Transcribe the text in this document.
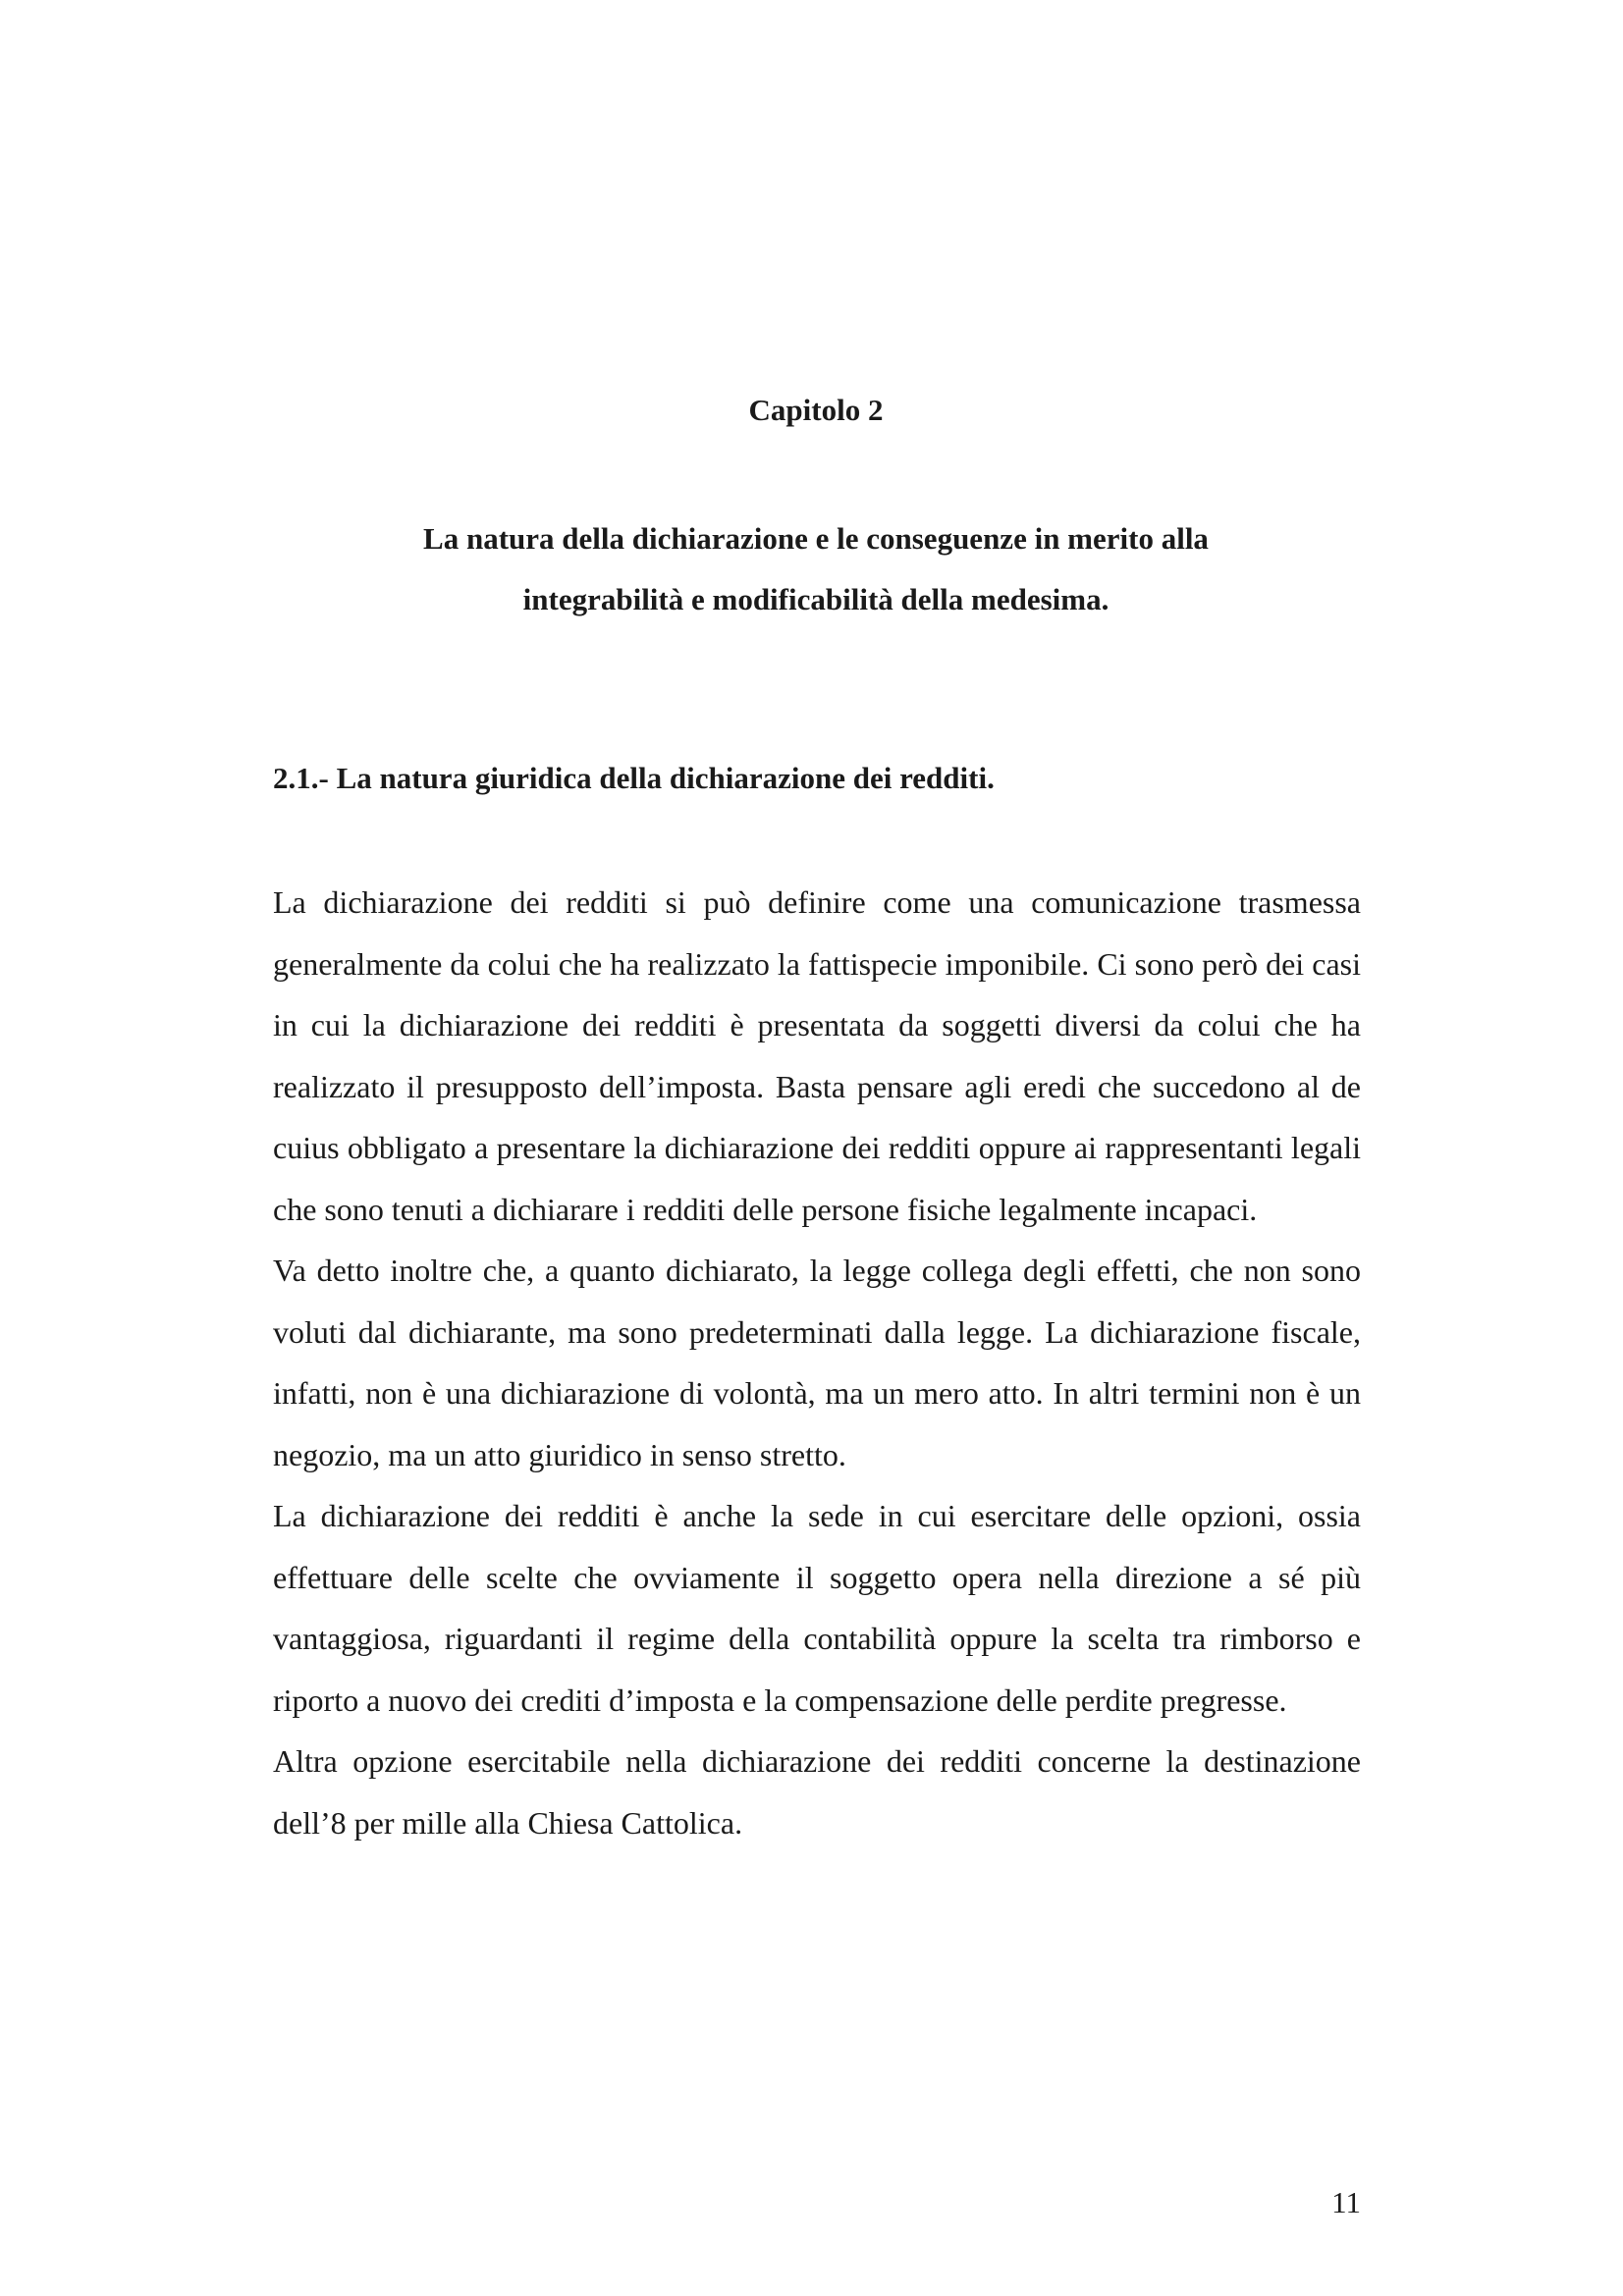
Capitolo 2
La natura della dichiarazione e le conseguenze in merito alla
integrabilità e modificabilità della medesima.
2.1.- La natura giuridica della dichiarazione dei redditi.

La dichiarazione dei redditi si può definire come una comunicazione trasmessa generalmente da colui che ha realizzato la fattispecie imponibile. Ci sono però dei casi in cui la dichiarazione dei redditi è presentata da soggetti diversi da colui che ha realizzato il presupposto dell’imposta. Basta pensare agli eredi che succedono al de cuius obbligato a presentare la dichiarazione dei redditi oppure ai rappresentanti legali che sono tenuti a dichiarare i redditi delle persone fisiche legalmente incapaci.

Va detto inoltre che, a quanto dichiarato, la legge collega degli effetti, che non sono voluti dal dichiarante, ma sono predeterminati dalla legge. La dichiarazione fiscale, infatti, non è una dichiarazione di volontà, ma un mero atto. In altri termini non è un negozio, ma un atto giuridico in senso stretto.

La dichiarazione dei redditi è anche la sede in cui esercitare delle opzioni, ossia effettuare delle scelte che ovviamente il soggetto opera nella direzione a sé più vantaggiosa, riguardanti il regime della contabilità oppure la scelta tra rimborso e riporto a nuovo dei crediti d’imposta e la compensazione delle perdite pregresse.

Altra opzione esercitabile nella dichiarazione dei redditi concerne la destinazione dell’8 per mille alla Chiesa Cattolica.

11
